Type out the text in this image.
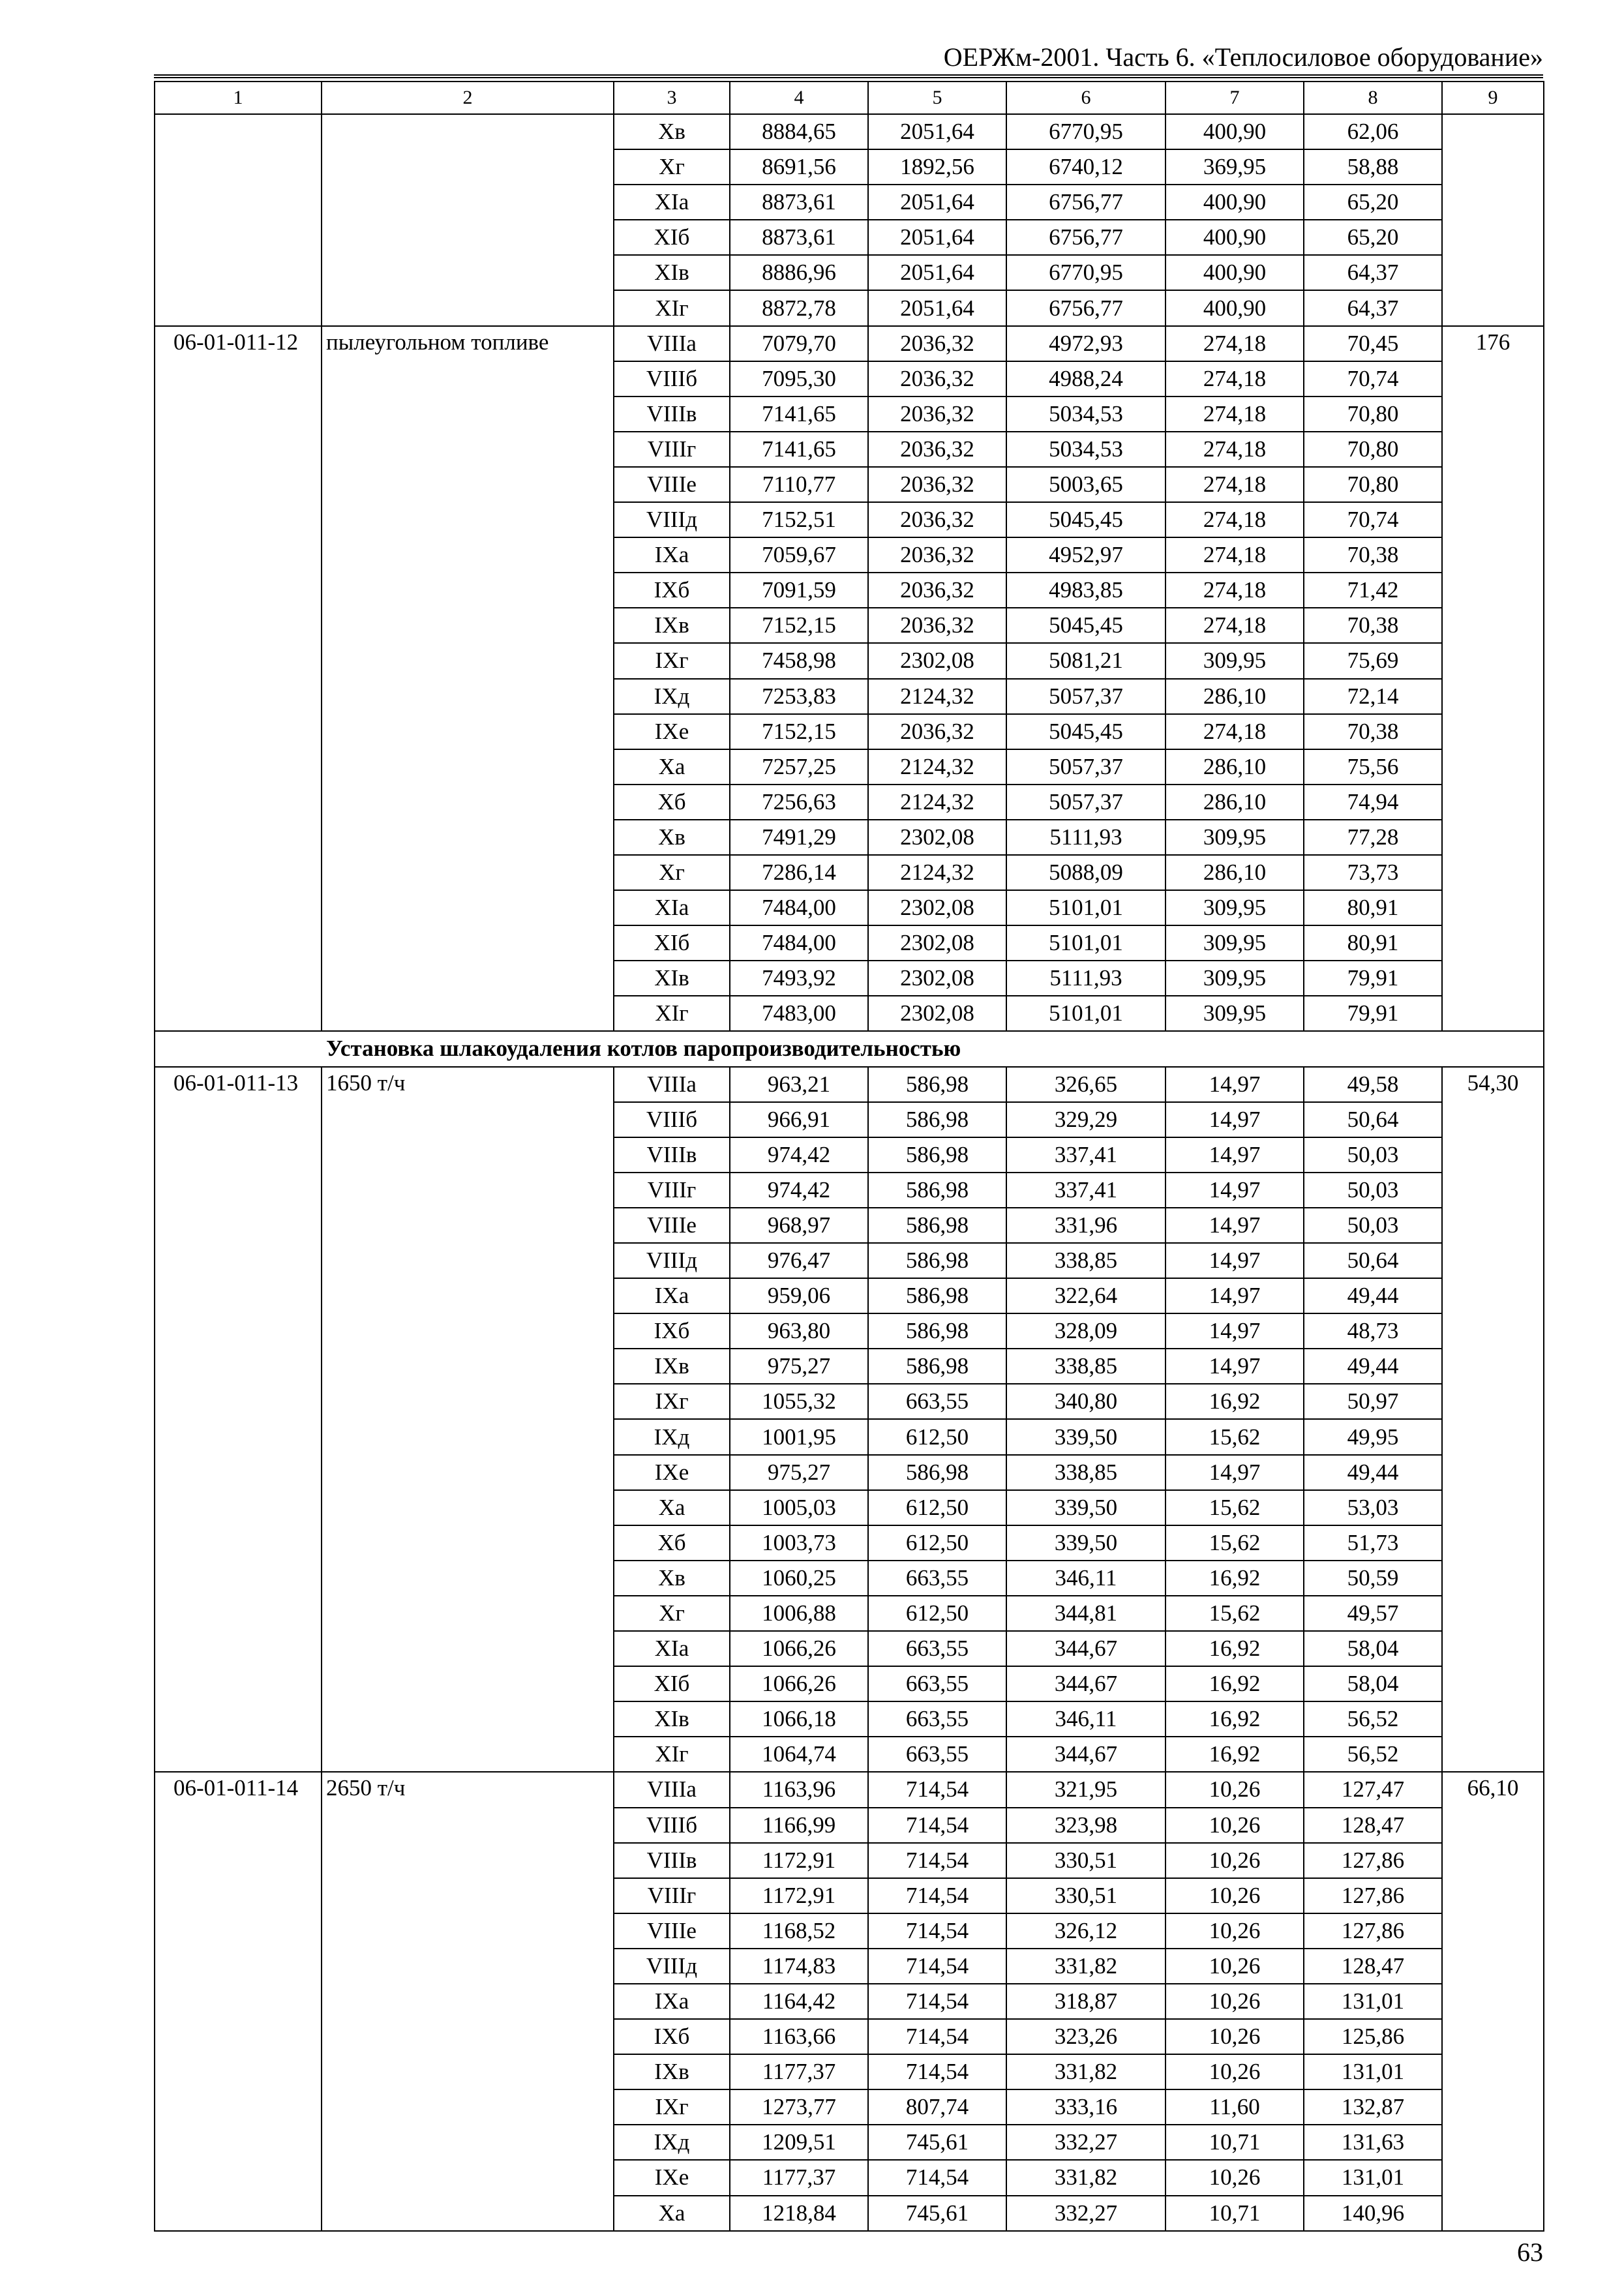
ОЕРЖм-2001. Часть 6. «Теплосиловое оборудование»
1	2	3	4	5	6	7	8	9
		Xв	8884,65	2051,64	6770,95	400,90	62,06	
		Xг	8691,56	1892,56	6740,12	369,95	58,88	
		XIа	8873,61	2051,64	6756,77	400,90	65,20	
		XIб	8873,61	2051,64	6756,77	400,90	65,20	
		XIв	8886,96	2051,64	6770,95	400,90	64,37	
		XIг	8872,78	2051,64	6756,77	400,90	64,37	
06-01-011-12	пылеугольном топливе	VIIIа	7079,70	2036,32	4972,93	274,18	70,45	176
		VIIIб	7095,30	2036,32	4988,24	274,18	70,74	
		VIIIв	7141,65	2036,32	5034,53	274,18	70,80	
		VIIIг	7141,65	2036,32	5034,53	274,18	70,80	
		VIIIе	7110,77	2036,32	5003,65	274,18	70,80	
		VIIIд	7152,51	2036,32	5045,45	274,18	70,74	
		IXа	7059,67	2036,32	4952,97	274,18	70,38	
		IXб	7091,59	2036,32	4983,85	274,18	71,42	
		IXв	7152,15	2036,32	5045,45	274,18	70,38	
		IXг	7458,98	2302,08	5081,21	309,95	75,69	
		IXд	7253,83	2124,32	5057,37	286,10	72,14	
		IXе	7152,15	2036,32	5045,45	274,18	70,38	
		Xа	7257,25	2124,32	5057,37	286,10	75,56	
		Xб	7256,63	2124,32	5057,37	286,10	74,94	
		Xв	7491,29	2302,08	5111,93	309,95	77,28	
		Xг	7286,14	2124,32	5088,09	286,10	73,73	
		XIа	7484,00	2302,08	5101,01	309,95	80,91	
		XIб	7484,00	2302,08	5101,01	309,95	80,91	
		XIв	7493,92	2302,08	5111,93	309,95	79,91	
		XIг	7483,00	2302,08	5101,01	309,95	79,91	
Установка шлакоудаления котлов паропроизводительностью								
06-01-011-13	1650 т/ч	VIIIа	963,21	586,98	326,65	14,97	49,58	54,30
		VIIIб	966,91	586,98	329,29	14,97	50,64	
		VIIIв	974,42	586,98	337,41	14,97	50,03	
		VIIIг	974,42	586,98	337,41	14,97	50,03	
		VIIIе	968,97	586,98	331,96	14,97	50,03	
		VIIIд	976,47	586,98	338,85	14,97	50,64	
		IXа	959,06	586,98	322,64	14,97	49,44	
		IXб	963,80	586,98	328,09	14,97	48,73	
		IXв	975,27	586,98	338,85	14,97	49,44	
		IXг	1055,32	663,55	340,80	16,92	50,97	
		IXд	1001,95	612,50	339,50	15,62	49,95	
		IXе	975,27	586,98	338,85	14,97	49,44	
		Xа	1005,03	612,50	339,50	15,62	53,03	
		Xб	1003,73	612,50	339,50	15,62	51,73	
		Xв	1060,25	663,55	346,11	16,92	50,59	
		Xг	1006,88	612,50	344,81	15,62	49,57	
		XIа	1066,26	663,55	344,67	16,92	58,04	
		XIб	1066,26	663,55	344,67	16,92	58,04	
		XIв	1066,18	663,55	346,11	16,92	56,52	
		XIг	1064,74	663,55	344,67	16,92	56,52	
06-01-011-14	2650 т/ч	VIIIа	1163,96	714,54	321,95	10,26	127,47	66,10
		VIIIб	1166,99	714,54	323,98	10,26	128,47	
		VIIIв	1172,91	714,54	330,51	10,26	127,86	
		VIIIг	1172,91	714,54	330,51	10,26	127,86	
		VIIIе	1168,52	714,54	326,12	10,26	127,86	
		VIIIд	1174,83	714,54	331,82	10,26	128,47	
		IXа	1164,42	714,54	318,87	10,26	131,01	
		IXб	1163,66	714,54	323,26	10,26	125,86	
		IXв	1177,37	714,54	331,82	10,26	131,01	
		IXг	1273,77	807,74	333,16	11,60	132,87	
		IXд	1209,51	745,61	332,27	10,71	131,63	
		IXе	1177,37	714,54	331,82	10,26	131,01	
		Xа	1218,84	745,61	332,27	10,71	140,96	
63
